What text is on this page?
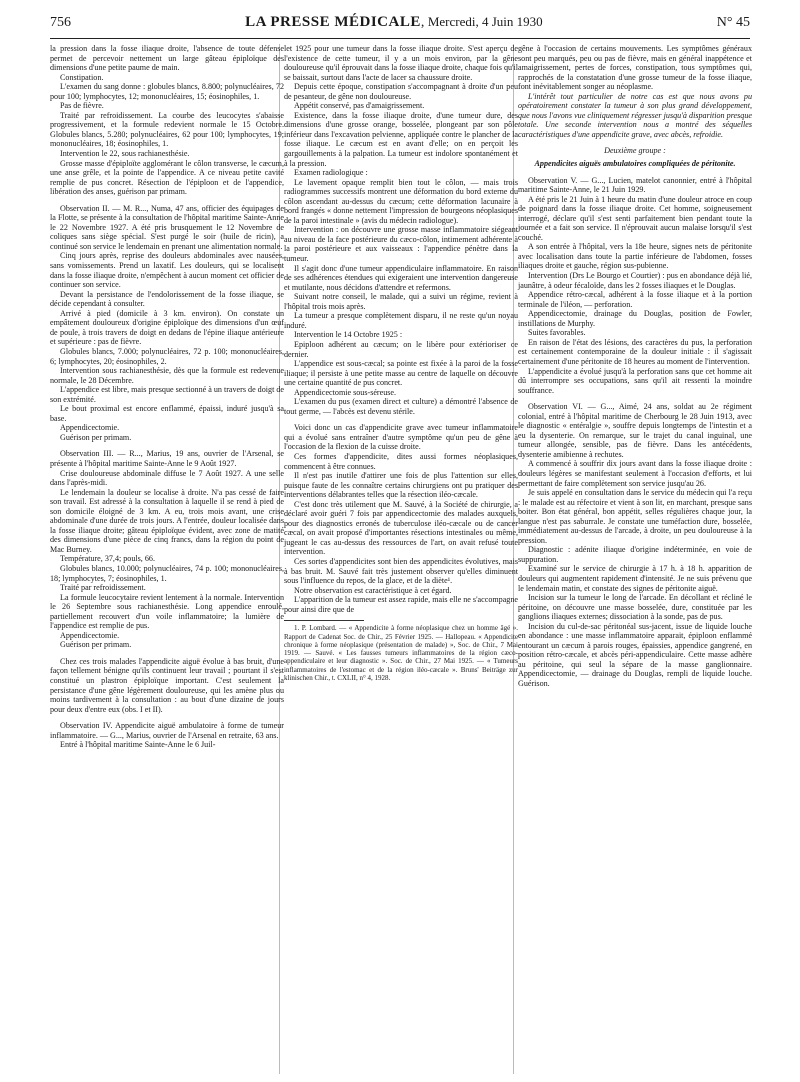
756	LA PRESSE MÉDICALE, Mercredi, 4 Juin 1930	N° 45

la pression dans la fosse iliaque droite, l'absence de toute défense permet de percevoir nettement un large gâteau épiploïque des dimensions d'une petite paume de main.

Constipation.

L'examen du sang donne : globules blancs, 8.800; polynucléaires, 72 pour 100; lymphocytes, 12; mononucléaires, 15; éosinophiles, 1.

Pas de fièvre.

Traité par refroidissement. La courbe des leucocytes s'abaisse progressivement, et la formule redevient normale le 15 Octobre. Globules blancs, 5.280; polynucléaires, 62 pour 100; lymphocytes, 19; mononucléaires, 18; éosinophiles, 1.

Intervention le 22, sous rachianesthésie.

Grosse masse d'épiploïte agglomérant le côlon transverse, le cæcum, une anse grêle, et la pointe de l'appendice. A ce niveau petite cavité remplie de pus concret. Résection de l'épiploon et de l'appendice, libération des anses, guérison par primam.

Observation II. — M. R..., Numa, 47 ans, officier des équipages de la Flotte, se présente à la consultation de l'hôpital maritime Sainte-Anne le 22 Novembre 1927. A été pris brusquement le 12 Novembre de coliques sans siège spécial. S'est purgé le soir (huile de ricin), a continué son service le lendemain en prenant une alimentation normale.

Cinq jours après, reprise des douleurs abdominales avec nausées, sans vomissements. Prend un laxatif. Les douleurs, qui se localisent dans la fosse iliaque droite, n'empêchent à aucun moment cet officier de continuer son service.

Devant la persistance de l'endolorissement de la fosse iliaque, se décide cependant à consulter.

Arrivé à pied (domicile à 3 km. environ). On constate un empâtement douloureux d'origine épiploïque des dimensions d'un œuf de poule, à trois travers de doigt en dedans de l'épine iliaque antérieure et supérieure : pas de fièvre.

Globules blancs, 7.000; polynucléaires, 72 p. 100; mononucléaires, 6; lymphocytes, 20; éosinophiles, 2.

Intervention sous rachianesthésie, dès que la formule est redevenue normale, le 28 Décembre.

L'appendice est libre, mais presque sectionné à un travers de doigt de son extrémité.

Le bout proximal est encore enflammé, épaissi, induré jusqu'à sa base.

Appendicectomie.

Guérison per primam.

Observation III. — R..., Marius, 19 ans, ouvrier de l'Arsenal, se présente à l'hôpital maritime Sainte-Anne le 9 Août 1927.

Crise douloureuse abdominale diffuse le 7 Août 1927. A une selle dans l'après-midi.

Le lendemain la douleur se localise à droite. N'a pas cessé de faire son travail. Est adressé à la consultation à laquelle il se rend à pied de son domicile éloigné de 3 km. A eu, trois mois avant, une crise abdominale d'une durée de trois jours. A l'entrée, douleur localisée dans la fosse iliaque droite; gâteau épiploïque évident, avec zone de matité des dimensions d'une pièce de cinq francs, dans la région du point de Mac Burney.

Température, 37,4; pouls, 66.

Globules blancs, 10.000; polynucléaires, 74 p. 100; mononucléaires, 18; lymphocytes, 7; éosinophiles, 1.

Traité par refroidissement.

La formule leucocytaire revient lentement à la normale. Intervention le 26 Septembre sous rachianesthésie. Long appendice enroulé, partiellement recouvert d'un voile inflammatoire; la lumière de l'appendice est remplie de pus.

Appendicectomie.

Guérison per primam.

Chez ces trois malades l'appendicite aiguë évolue à bas bruit, d'une façon tellement bénigne qu'ils continuent leur travail ; pourtant il s'est constitué un plastron épiploïque important. C'est seulement la persistance d'une gêne légèrement douloureuse, qui les amène plus ou moins tardivement à la consultation : au bout d'une dizaine de jours pour deux d'entre eux (obs. I et II).

Observation IV. Appendicite aiguë ambulatoire à forme de tumeur inflammatoire. — G..., Marius, ouvrier de l'Arsenal en retraite, 63 ans.

Entré à l'hôpital maritime Sainte-Anne le 6 Juil-

let 1925 pour une tumeur dans la fosse iliaque droite. S'est aperçu de l'existence de cette tumeur, il y a un mois environ, par la gêne douloureuse qu'il éprouvait dans la fosse iliaque droite, chaque fois qu'il se baissait, surtout dans l'acte de lacer sa chaussure droite.

Depuis cette époque, constipation s'accompagnant à droite d'un peu de pesanteur, de gêne non douloureuse.

Appétit conservé, pas d'amaigrissement.

Existence, dans la fosse iliaque droite, d'une tumeur dure, des dimensions d'une grosse orange, bosselée, plongeant par son pôle inférieur dans l'excavation pelvienne, appliquée contre le plancher de la fosse iliaque. Le cæcum est en avant d'elle; on en perçoit les gargouillements à la palpation. La tumeur est indolore spontanément et à la pression.

Examen radiologique :

Le lavement opaque remplit bien tout le côlon, — mais trois radiogrammes successifs montrent une déformation du bord externe du côlon ascendant au-dessus du cæcum; cette déformation lacunaire à bord frangés « donne nettement l'impression de bourgeons néoplasiques de la paroi intestinale » (avis du médecin radiologue).

Intervention : on découvre une grosse masse inflammatoire siégeant au niveau de la face postérieure du cæco-côlon, intimement adhérente à la paroi postérieure et aux vaisseaux : l'appendice pénètre dans la tumeur.

Il s'agit donc d'une tumeur appendiculaire inflammatoire. En raison de ses adhérences étendues qui exigeraient une intervention dangereuse et mutilante, nous décidons d'attendre et refermons.

Suivant notre conseil, le malade, qui a suivi un régime, revient à l'hôpital trois mois après.

La tumeur a presque complètement disparu, il ne reste qu'un noyau induré.

Intervention le 14 Octobre 1925 :

Epiploon adhérent au cæcum; on le libère pour extérioriser ce dernier.

L'appendice est sous-cæcal; sa pointe est fixée à la paroi de la fosse iliaque; il persiste à une petite masse au centre de laquelle on découvre une certaine quantité de pus concret.

Appendicectomie sous-séreuse.

L'examen du pus (examen direct et culture) a démontré l'absence de tout germe, — l'abcès est devenu stérile.

Voici donc un cas d'appendicite grave avec tumeur inflammatoire qui a évolué sans entraîner d'autre symptôme qu'un peu de gêne à l'occasion de la flexion de la cuisse droite.

Ces formes d'appendicite, dites aussi formes néoplasiques, commencent à être connues.

Il n'est pas inutile d'attirer une fois de plus l'attention sur elles, puisque faute de les connaître certains chirurgiens ont pu pratiquer des interventions délabrantes telles que la résection iléo-cæcale.

C'est donc très utilement que M. Sauvé, à la Société de chirurgie, a déclaré avoir guéri 7 fois par appendicectomie des malades auxquels, pour des diagnostics erronés de tuberculose iléo-cæcale ou de cancer cæcal, on avait proposé d'importantes résections intestinales ou même, jugeant le cas au-dessus des ressources de l'art, on avait refusé toute intervention.

Ces sortes d'appendicites sont bien des appendicites évolutives, mais à bas bruit. M. Sauvé fait très justement observer qu'elles diminuent sous l'influence du repos, de la glace, et de la diète¹.

Notre observation est caractéristique à cet égard.

L'apparition de la tumeur est assez rapide, mais elle ne s'accompagne pour ainsi dire que de

1. P. Lombard. — « Appendicite à forme néoplasique chez un homme âgé ». Rapport de Cadenat Soc. de Chir., 25 Février 1925. — Hallopeau. « Appendicite chronique à forme néoplasique (présentation de malade) », Soc. de Chir., 7 Mai 1919. — Sauvé. « Les fausses tumeurs inflammatoires de la région cæco-appendiculaire et leur diagnostic ». Soc. de Chir., 27 Mai 1925. — « Tumeurs inflammatoires de l'estomac et de la région iléo-cæcale ». Bruns' Beiträge zur klinischen Chir., t. CXLII, n° 4, 1928.

gêne à l'occasion de certains mouvements. Les symptômes généraux sont peu marqués, peu ou pas de fièvre, mais en général inappétence et amaigrissement, pertes de forces, constipation, tous symptômes qui, rapprochés de la constatation d'une grosse tumeur de la fosse iliaque, font inévitablement songer au néoplasme.

L'intérêt tout particulier de notre cas est que nous avons pu opératoirement constater la tumeur à son plus grand développement, que nous l'avons vue cliniquement régresser jusqu'à disparition presque totale. Une seconde intervention nous a montré des séquelles caractéristiques d'une appendicite grave, avec abcès, refroidie.

Deuxième groupe :

Appendicites aiguës ambulatoires compliquées de péritonite.

Observation V. — G..., Lucien, matelot canonnier, entré à l'hôpital maritime Sainte-Anne, le 21 Juin 1929.

A été pris le 21 Juin à 1 heure du matin d'une douleur atroce en coup de poignard dans la fosse iliaque droite. Cet homme, soigneusement interrogé, déclare qu'il s'est senti parfaitement bien pendant toute la journée et a fait son service. Il n'éprouvait aucun malaise lorsqu'il s'est couché.

A son entrée à l'hôpital, vers la 18e heure, signes nets de péritonite avec localisation dans toute la partie inférieure de l'abdomen, fosses iliaques droite et gauche, région sus-pubienne.

Intervention (Drs Le Bourgo et Courtier) : pus en abondance déjà lié, jaunâtre, à odeur fécaloïde, dans les 2 fosses iliaques et le Douglas.

Appendice rétro-cæcal, adhérent à la fosse iliaque et à la portion terminale de l'iléon, — perforation.

Appendicectomie, drainage du Douglas, position de Fowler, instillations de Murphy.

Suites favorables.

En raison de l'état des lésions, des caractères du pus, la perforation est certainement contemporaine de la douleur initiale : il s'agissait certainement d'une péritonite de 18 heures au moment de l'intervention.

L'appendicite a évolué jusqu'à la perforation sans que cet homme ait dû interrompre ses occupations, sans qu'il ait ressenti la moindre souffrance.

Observation VI. — G..., Aimé, 24 ans, soldat au 2e régiment colonial, entré à l'hôpital maritime de Cherbourg le 28 Juin 1913, avec le diagnostic « entéralgie », souffre depuis longtemps de l'intestin et a eu la dysenterie. On remarque, sur le trajet du canal inguinal, une tumeur allongée, sensible, pas de fièvre. Dans les antécédents, dysenterie amibienne à rechutes.

A commencé à souffrir dix jours avant dans la fosse iliaque droite : douleurs légères se manifestant seulement à l'occasion d'efforts, et lui permettant de faire complètement son service jusqu'au 26.

Je suis appelé en consultation dans le service du médecin qui l'a reçu : le malade est au réfectoire et vient à son lit, en marchant, presque sans boiter. Bon état général, bon appétit, selles régulières chaque jour, la langue n'est pas saburrale. Je constate une tuméfaction dure, bosselée, immédiatement au-dessus de l'arcade, à droite, un peu douloureuse à la pression.

Diagnostic : adénite iliaque d'origine indéterminée, en voie de suppuration.

Examiné sur le service de chirurgie à 17 h. à 18 h. apparition de douleurs qui augmentent rapidement d'intensité. Je ne suis prévenu que le lendemain matin, et constate des signes de péritonite aiguë.

Incision sur la tumeur le long de l'arcade. En décollant et récliné le péritoine, on découvre une masse bosselée, dure, constituée par les ganglions iliaques externes; dissociation à la sonde, pas de pus.

Incision du cul-de-sac péritonéal sus-jacent, issue de liquide louche en abondance : une masse inflammatoire apparait, épiploon enflammé entourant un cæcum à parois rouges, épaissies, appendice gangrené, en position rétro-cæcale, et abcès péri-appendiculaire. Cette masse adhère au péritoine, qui seul la sépare de la masse ganglionnaire. Appendicectomie, — drainage du Douglas, rempli de liquide louche. Guérison.
